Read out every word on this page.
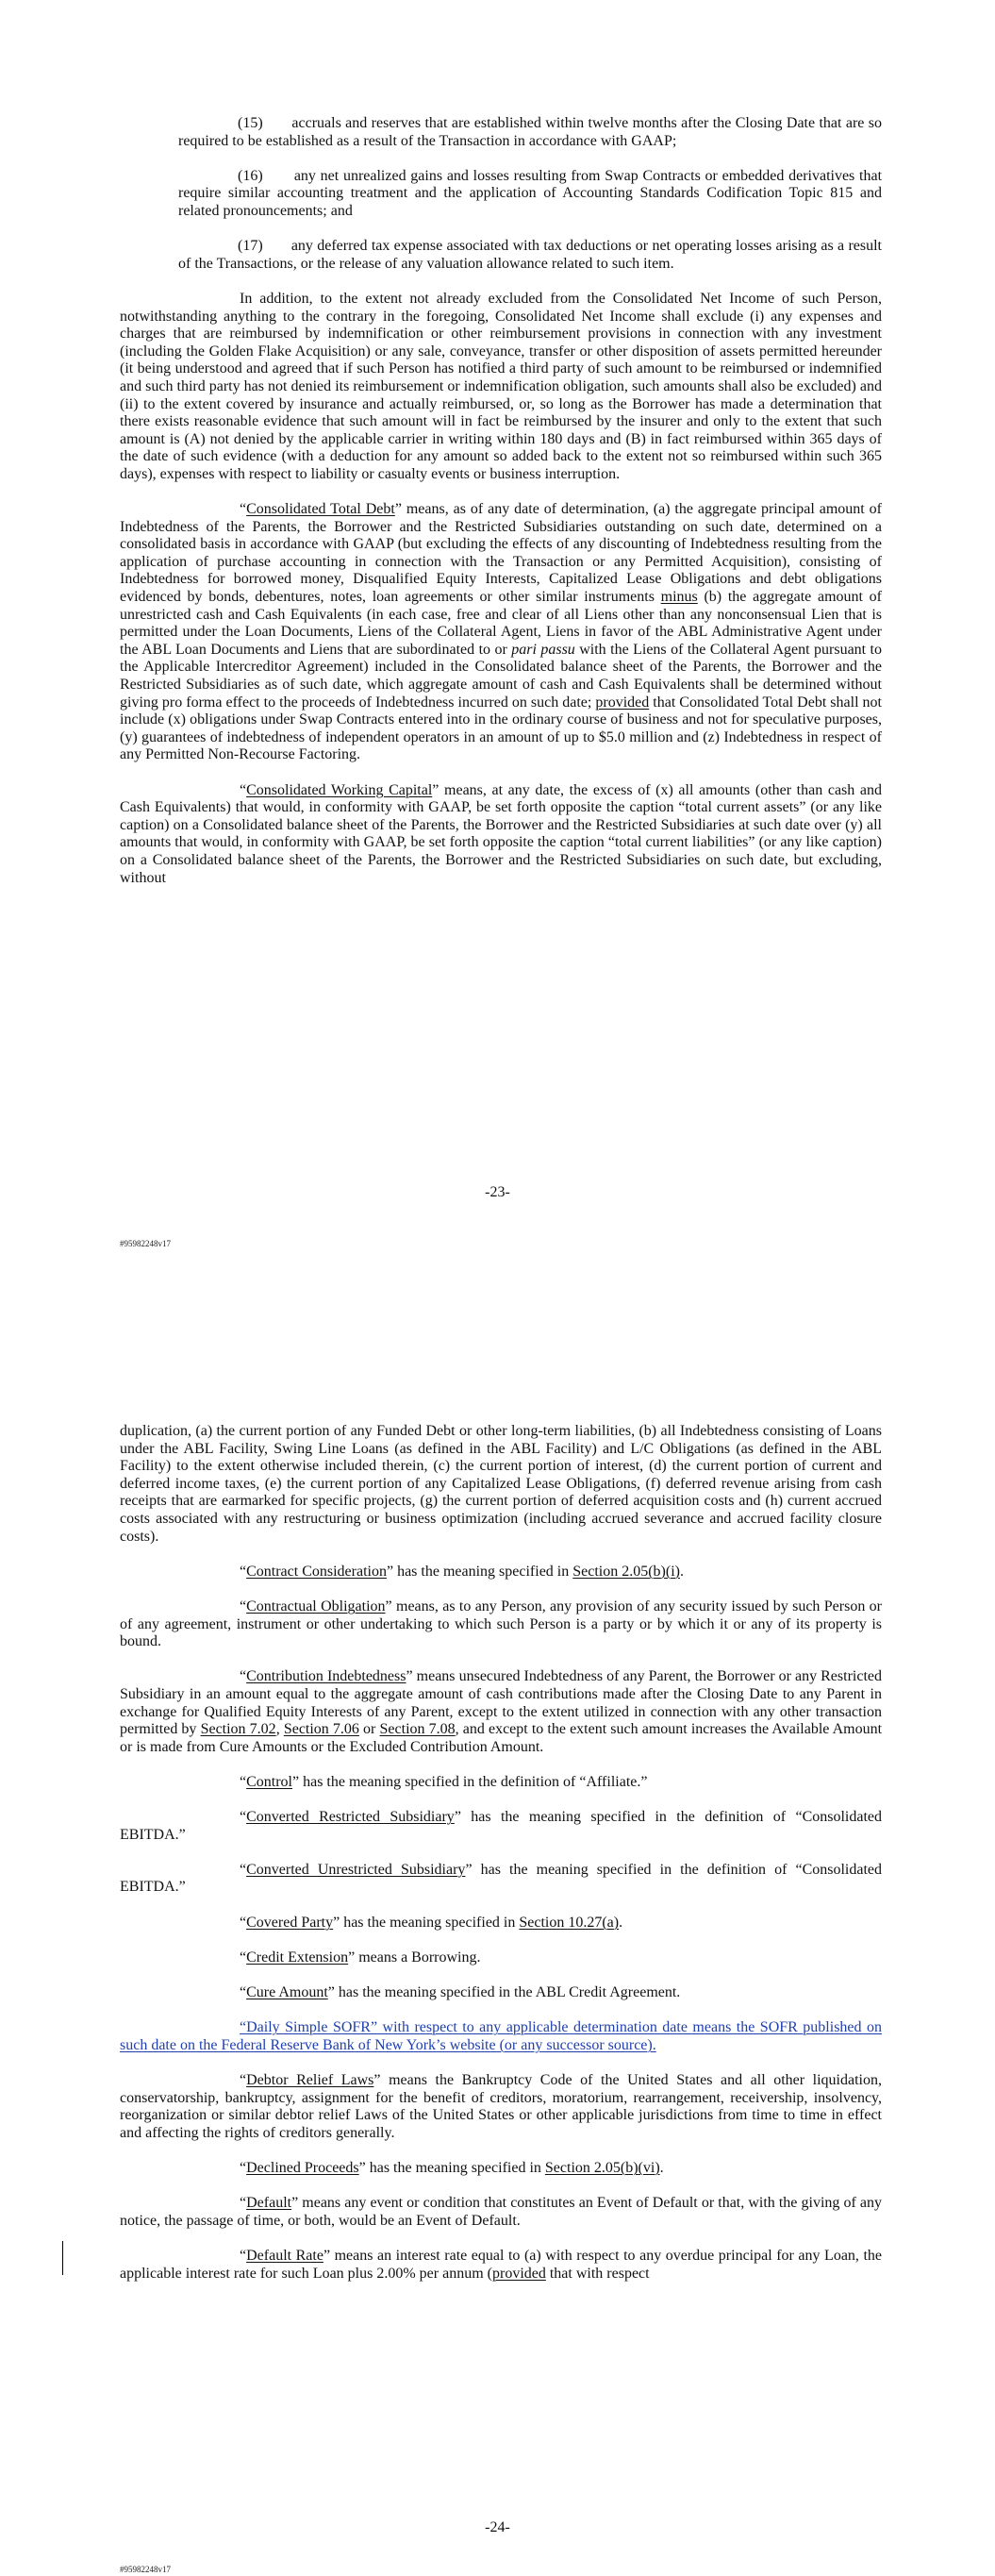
(15) accruals and reserves that are established within twelve months after the Closing Date that are so required to be established as a result of the Transaction in accordance with GAAP;

(16) any net unrealized gains and losses resulting from Swap Contracts or embedded derivatives that require similar accounting treatment and the application of Accounting Standards Codification Topic 815 and related pronouncements; and

(17) any deferred tax expense associated with tax deductions or net operating losses arising as a result of the Transactions, or the release of any valuation allowance related to such item.

In addition, to the extent not already excluded from the Consolidated Net Income of such Person, notwithstanding anything to the contrary in the foregoing, Consolidated Net Income shall exclude (i) any expenses and charges that are reimbursed by indemnification or other reimbursement provisions in connection with any investment (including the Golden Flake Acquisition) or any sale, conveyance, transfer or other disposition of assets permitted hereunder (it being understood and agreed that if such Person has notified a third party of such amount to be reimbursed or indemnified and such third party has not denied its reimbursement or indemnification obligation, such amounts shall also be excluded) and (ii) to the extent covered by insurance and actually reimbursed, or, so long as the Borrower has made a determination that there exists reasonable evidence that such amount will in fact be reimbursed by the insurer and only to the extent that such amount is (A) not denied by the applicable carrier in writing within 180 days and (B) in fact reimbursed within 365 days of the date of such evidence (with a deduction for any amount so added back to the extent not so reimbursed within such 365 days), expenses with respect to liability or casualty events or business interruption.

“Consolidated Total Debt” means, as of any date of determination, (a) the aggregate principal amount of Indebtedness of the Parents, the Borrower and the Restricted Subsidiaries outstanding on such date, determined on a consolidated basis in accordance with GAAP (but excluding the effects of any discounting of Indebtedness resulting from the application of purchase accounting in connection with the Transaction or any Permitted Acquisition), consisting of Indebtedness for borrowed money, Disqualified Equity Interests, Capitalized Lease Obligations and debt obligations evidenced by bonds, debentures, notes, loan agreements or other similar instruments minus (b) the aggregate amount of unrestricted cash and Cash Equivalents (in each case, free and clear of all Liens other than any nonconsensual Lien that is permitted under the Loan Documents, Liens of the Collateral Agent, Liens in favor of the ABL Administrative Agent under the ABL Loan Documents and Liens that are subordinated to or pari passu with the Liens of the Collateral Agent pursuant to the Applicable Intercreditor Agreement) included in the Consolidated balance sheet of the Parents, the Borrower and the Restricted Subsidiaries as of such date, which aggregate amount of cash and Cash Equivalents shall be determined without giving pro forma effect to the proceeds of Indebtedness incurred on such date; provided that Consolidated Total Debt shall not include (x) obligations under Swap Contracts entered into in the ordinary course of business and not for speculative purposes, (y) guarantees of indebtedness of independent operators in an amount of up to $5.0 million and (z) Indebtedness in respect of any Permitted Non-Recourse Factoring.

“Consolidated Working Capital” means, at any date, the excess of (x) all amounts (other than cash and Cash Equivalents) that would, in conformity with GAAP, be set forth opposite the caption “total current assets” (or any like caption) on a Consolidated balance sheet of the Parents, the Borrower and the Restricted Subsidiaries at such date over (y) all amounts that would, in conformity with GAAP, be set forth opposite the caption “total current liabilities” (or any like caption) on a Consolidated balance sheet of the Parents, the Borrower and the Restricted Subsidiaries on such date, but excluding, without

-23-
#95982248v17

duplication, (a) the current portion of any Funded Debt or other long-term liabilities, (b) all Indebtedness consisting of Loans under the ABL Facility, Swing Line Loans (as defined in the ABL Facility) and L/C Obligations (as defined in the ABL Facility) to the extent otherwise included therein, (c) the current portion of interest, (d) the current portion of current and deferred income taxes, (e) the current portion of any Capitalized Lease Obligations, (f) deferred revenue arising from cash receipts that are earmarked for specific projects, (g) the current portion of deferred acquisition costs and (h) current accrued costs associated with any restructuring or business optimization (including accrued severance and accrued facility closure costs).

“Contract Consideration” has the meaning specified in Section 2.05(b)(i).

“Contractual Obligation” means, as to any Person, any provision of any security issued by such Person or of any agreement, instrument or other undertaking to which such Person is a party or by which it or any of its property is bound.

“Contribution Indebtedness” means unsecured Indebtedness of any Parent, the Borrower or any Restricted Subsidiary in an amount equal to the aggregate amount of cash contributions made after the Closing Date to any Parent in exchange for Qualified Equity Interests of any Parent, except to the extent utilized in connection with any other transaction permitted by Section 7.02, Section 7.06 or Section 7.08, and except to the extent such amount increases the Available Amount or is made from Cure Amounts or the Excluded Contribution Amount.

“Control” has the meaning specified in the definition of “Affiliate.”

“Converted Restricted Subsidiary” has the meaning specified in the definition of “Consolidated EBITDA.”

“Converted Unrestricted Subsidiary” has the meaning specified in the definition of “Consolidated EBITDA.”

“Covered Party” has the meaning specified in Section 10.27(a).

“Credit Extension” means a Borrowing.

“Cure Amount” has the meaning specified in the ABL Credit Agreement.

“Daily Simple SOFR” with respect to any applicable determination date means the SOFR published on such date on the Federal Reserve Bank of New York’s website (or any successor source).

“Debtor Relief Laws” means the Bankruptcy Code of the United States and all other liquidation, conservatorship, bankruptcy, assignment for the benefit of creditors, moratorium, rearrangement, receivership, insolvency, reorganization or similar debtor relief Laws of the United States or other applicable jurisdictions from time to time in effect and affecting the rights of creditors generally.

“Declined Proceeds” has the meaning specified in Section 2.05(b)(vi).

“Default” means any event or condition that constitutes an Event of Default or that, with the giving of any notice, the passage of time, or both, would be an Event of Default.

“Default Rate” means an interest rate equal to (a) with respect to any overdue principal for any Loan, the applicable interest rate for such Loan plus 2.00% per annum (provided that with respect

-24-
#95982248v17
